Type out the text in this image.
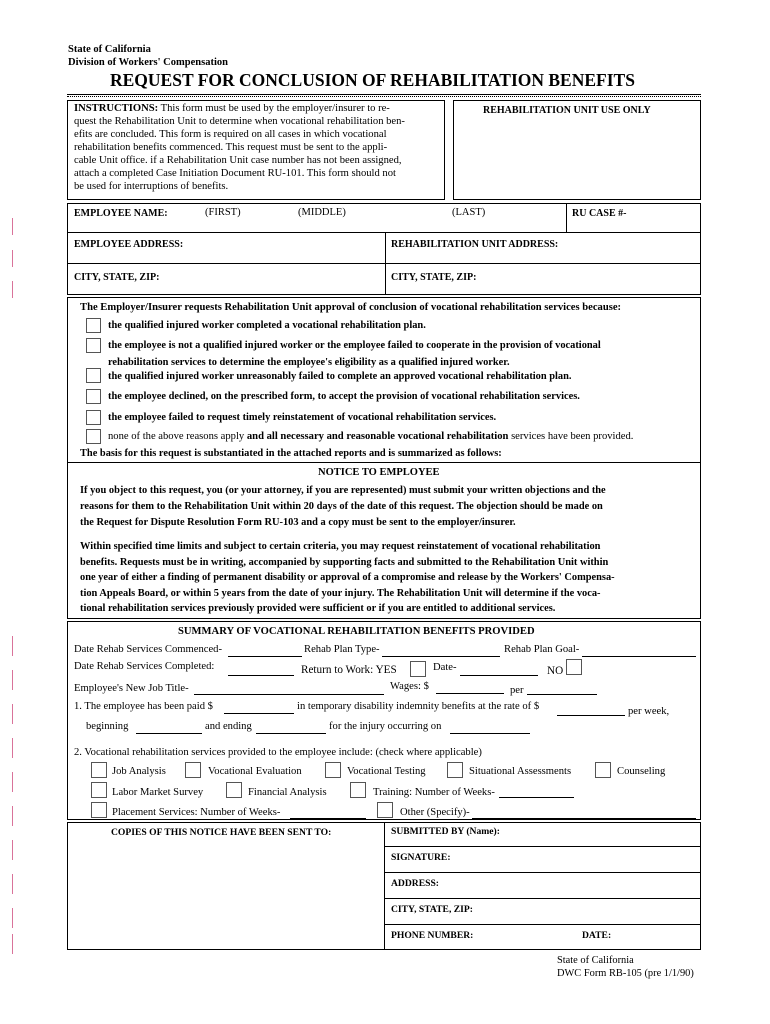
State of California
Division of Workers' Compensation
REQUEST FOR CONCLUSION OF REHABILITATION BENEFITS
INSTRUCTIONS: This form must be used by the employer/insurer to re-
quest the Rehabilitation Unit to determine when vocational rehabilitation ben-
efits are concluded. This form is required on all cases in which vocational
rehabilitation benefits commenced. This request must be sent to the appli-
cable Unit office. if a Rehabilitation Unit case number has not been assigned,
attach a completed Case Initiation Document RU-101. This form should not
be used for interruptions of benefits.
REHABILITATION UNIT USE ONLY
EMPLOYEE NAME:	(FIRST)	(MIDDLE)	(LAST)	RU CASE #-
EMPLOYEE ADDRESS:	REHABILITATION UNIT ADDRESS:
CITY, STATE, ZIP:	CITY, STATE, ZIP:
The Employer/Insurer requests Rehabilitation Unit approval of conclusion of vocational rehabilitation services because:
the qualified injured worker completed a vocational rehabilitation plan.
the employee is not a qualified injured worker or the employee failed to cooperate in the provision of vocational
rehabilitation services to determine the employee's eligibility as a qualified injured worker.
the qualified injured worker unreasonably failed to complete an approved vocational rehabilitation plan.
the employee declined, on the prescribed form, to accept the provision of vocational rehabilitation services.
the employee failed to request timely reinstatement of vocational rehabilitation services.
none of the above reasons apply and all necessary and reasonable vocational rehabilitation services have been provided.
The basis for this request is substantiated in the attached reports and is summarized as follows:
NOTICE TO EMPLOYEE
If you object to this request, you (or your attorney, if you are represented) must submit your written objections and the
reasons for them to the Rehabilitation Unit within 20 days of the date of this request. The objection should be made on
the Request for Dispute Resolution Form RU-103 and a copy must be sent to the employer/insurer.
Within specified time limits and subject to certain criteria, you may request reinstatement of vocational rehabilitation
benefits. Requests must be in writing, accompanied by supporting facts and submitted to the Rehabilitation Unit within
one year of either a finding of permanent disability or approval of a compromise and release by the Workers' Compensa-
tion Appeals Board, or within 5 years from the date of your injury. The Rehabilitation Unit will determine if the voca-
tional rehabilitation services previously provided were sufficient or if you are entitled to additional services.
SUMMARY OF VOCATIONAL REHABILITATION BENEFITS PROVIDED
Date Rehab Services Commenced-	Rehab Plan Type-	Rehab Plan Goal-
Date Rehab Services Completed:	Return to Work: YES	Date-	NO
Employee's New Job Title-	Wages: $	per
1. The employee has been paid $	in temporary disability indemnity benefits at the rate of $	per week,
beginning	and ending	for the injury occurring on
2. Vocational rehabilitation services provided to the employee include: (check where applicable)
Job Analysis	Vocational Evaluation	Vocational Testing	Situational Assessments	Counseling
Labor Market Survey	Financial Analysis	Training: Number of Weeks-
Placement Services: Number of Weeks-	Other (Specify)-
COPIES OF THIS NOTICE HAVE BEEN SENT TO:	SUBMITTED BY (Name):
SIGNATURE:
ADDRESS:
CITY, STATE, ZIP:
PHONE NUMBER:	DATE:
State of California
DWC Form RB-105 (pre 1/1/90)
